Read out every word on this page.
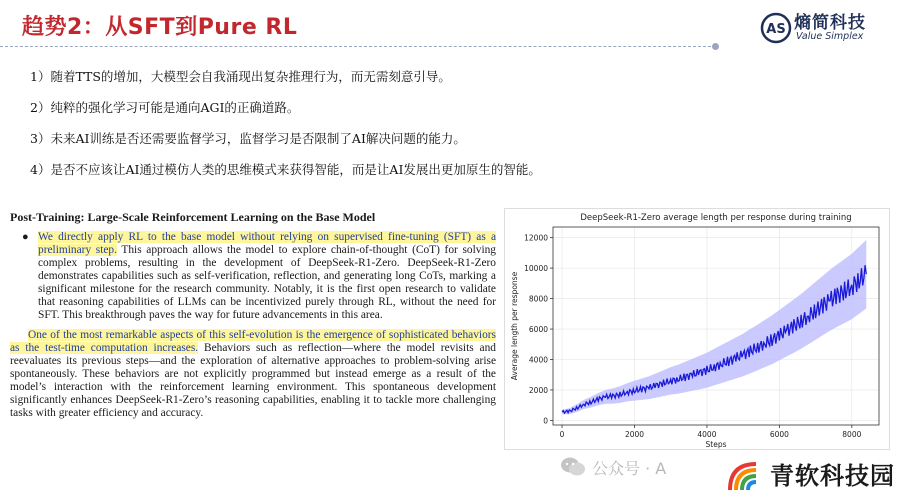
趋势2：从SFT到Pure RL	AS 熵简科技
Value Simplex
1）随着TTS的增加，大模型会自我涌现出复杂推理行为，而无需刻意引导。
2）纯粹的强化学习可能是通向AGI的正确道路。
3）未来AI训练是否还需要监督学习，监督学习是否限制了AI解决问题的能力。
4）是否不应该让AI通过模仿人类的思维模式来获得智能，而是让AI发展出更加原生的智能。
Post-Training: Large-Scale Reinforcement Learning on the Base Model
● We directly apply RL to the base model without relying on supervised fine-tuning (SFT) as a preliminary step. This approach allows the model to explore chain-of-thought (CoT) for solving complex problems, resulting in the development of DeepSeek-R1-Zero. DeepSeek-R1-Zero demonstrates capabilities such as self-verification, reflection, and generating long CoTs, marking a significant milestone for the research community. Notably, it is the first open research to validate that reasoning capabilities of LLMs can be incentivized purely through RL, without the need for SFT. This breakthrough paves the way for future advancements in this area.
One of the most remarkable aspects of this self-evolution is the emergence of sophisticated behaviors as the test-time computation increases. Behaviors such as reflection—where the model revisits and reevaluates its previous steps—and the exploration of alternative approaches to problem-solving arise spontaneously. These behaviors are not explicitly programmed but instead emerge as a result of the model’s interaction with the reinforcement learning environment. This spontaneous development significantly enhances DeepSeek-R1-Zero’s reasoning capabilities, enabling it to tackle more challenging tasks with greater efficiency and accuracy.
DeepSeek-R1-Zero average length per response during training
0
2000
4000
6000
8000
10000
12000
0	2000	4000	6000	8000
Average length per response
Steps
公众号 · A	青软科技园
